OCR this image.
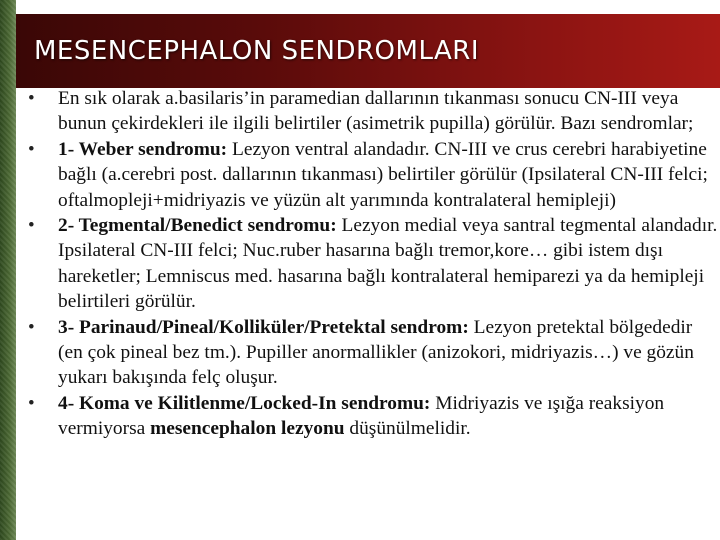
MESENCEPHALON SENDROMLARI
• En sık olarak a.basilaris’in paramedian dallarının tıkanması sonucu CN-III veya bunun çekirdekleri ile ilgili belirtiler (asimetrik pupilla) görülür. Bazı sendromlar;
• 1- Weber sendromu: Lezyon ventral alandadır. CN-III ve crus cerebri harabiyetine bağlı (a.cerebri post. dallarının tıkanması) belirtiler görülür (Ipsilateral CN-III felci; oftalmopleji+midriyazis ve yüzün alt yarımında kontralateral hemipleji)
• 2- Tegmental/Benedict sendromu: Lezyon medial veya santral tegmental alandadır. Ipsilateral CN-III felci; Nuc.ruber hasarına bağlı tremor,kore… gibi istem dışı hareketler; Lemniscus med. hasarına bağlı kontralateral hemiparezi ya da hemipleji belirtileri görülür.
• 3- Parinaud/Pineal/Kolliküler/Pretektal sendrom: Lezyon pretektal bölgededir (en çok pineal bez tm.). Pupiller anormallikler (anizokori, midriyazis…) ve gözün yukarı bakışında felç oluşur.
• 4- Koma ve Kilitlenme/Locked-In sendromu: Midriyazis ve ışığa reaksiyon vermiyorsa mesencephalon lezyonu düşünülmelidir.
